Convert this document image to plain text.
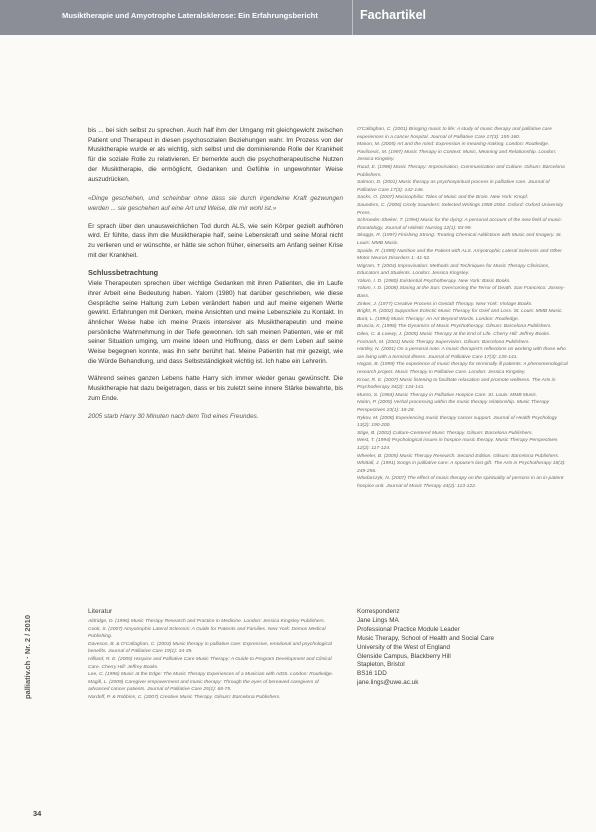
Musiktherapie und Amyotrophe Lateralsklerose: Ein Erfahrungsbericht	Fachartikel
palliativ.ch · Nr. 2 / 2010
34

bis ... bei sich selbst zu sprechen. Auch half ihm der Umgang mit gleichgewicht zwischen Patient und Therapeut in diesen psychosozialen Beziehungen wahr. Im Prozess von der Musiktherapie wurde er als wichtig, sich selbst und die dominierende Rolle der Krankheit für die soziale Rolle zu relativieren. Er bemerkte auch die psychotherapeutische Nutzen der Musiktherapie, die ermöglicht, Gedanken und Gefühle in ungewohnter Weise auszudrücken.

«Dinge geschehen, und scheinbar ohne dass sie durch irgendeine Kraft gezwungen werden ... sie geschehen auf eine Art und Weise, die mir wohl ist.»

Er sprach über den unausweichlichen Tod durch ALS, wie sein Körper gezielt aufhören wird. Er fühlte, dass ihm die Musiktherapie half, seine Lebenskraft und seine Moral nicht zu verlieren und er wünschte, er hätte sie schon früher, einerseits am Anfang seiner Krise mit der Krankheit.

Schlussbetrachtung

Viele Therapeuten sprechen über wichtige Gedanken mit ihren Patienten, die im Laufe ihrer Arbeit eine Bedeutung haben. Yalom (1980) hat darüber geschrieben, wie diese Gespräche seine Haltung zum Leben verändert haben und auf meine eigenen Werte gewirkt. Erfahrungen mit Denken, meine Ansichten und meine Lebensziele zu Kontakt. In ähnlicher Weise habe ich meine Praxis intensiver als Musiktherapeutin und meine persönliche Wahrnehmung in der Tiefe gewonnen. Ich sah meinen Patienten, wie er mit seiner Situation umging, um meine Ideen und Hoffnung, dass er dem Leben auf seine Weise begegnen konnte, was ihn sehr berührt hat. Meine Patientin hat mir gezeigt, wie die Würde Behandlung, und dass Selbstständigkeit wichtig ist. Ich habe ein Lehrerin.

Während seines ganzen Lebens hatte Harry sich immer wieder genau gewünscht. Die Musiktherapie hat dazu beigetragen, dass er bis zuletzt seine innere Stärke bewahrte, bis zum Ende.

2005 starb Harry 30 Minuten nach dem Tod eines Freundes.

O'Callaghan, C. (2001) Bringing music to life: A study of music therapy and palliative care experiences in a cancer hospital. Journal of Palliative Care 17(3): 155-160.

Mason, M. (2005) Art and the mind: Expression in meaning-making. London: Routledge.

Pavlicevic, M. (1997) Music Therapy in Context: Music, Meaning and Relationship. London: Jessica Kingsley.

Ruud, E. (1998) Music Therapy: Improvisation, Communication and Culture. Gilsum: Barcelona Publishers.

Salmon, D. (2001) Music therapy as psychospiritual process in palliative care. Journal of Palliative Care 17(3): 142-146.

Sacks, O. (2007) Musicophilia: Tales of Music and the Brain. New York: Knopf.

Saunders, C. (2006) Cicely Saunders: Selected Writings 1958-2004. Oxford: Oxford University Press.

Schroeder-Sheker, T. (1994) Music for the dying: A personal account of the new field of music-thanatology. Journal of Holistic Nursing 12(1): 83-99.

Skaggs, R. (1997) Finishing Strong: Treating Chemical Addictions with Music and Imagery. St. Louis: MMB Music.

Spaide, R. (1999) Nutrition and the Patient with ALS. Amyotrophic Lateral Sclerosis and Other Motor Neuron Disorders 1: 41-52.

Wigram, T. (2004) Improvisation: Methods and Techniques for Music Therapy Clinicians, Educators and Students. London: Jessica Kingsley.

Yalom, I. D. (1980) Existential Psychotherapy. New York: Basic Books.

Yalom, I. D. (2008) Staring at the Sun: Overcoming the Terror of Death. San Francisco: Jossey-Bass.

Zinker, J. (1977) Creative Process in Gestalt Therapy. New York: Vintage Books.

Bright, R. (2002) Supportive Eclectic Music Therapy for Grief and Loss. St. Louis: MMB Music.

Bunt, L. (1994) Music Therapy: An Art Beyond Words. London: Routledge.

Bruscia, K. (1998) The Dynamics of Music Psychotherapy. Gilsum: Barcelona Publishers.

Dileo, C. & Loewy, J. (2005) Music Therapy at the End of Life. Cherry Hill: Jeffrey Books.

Forinash, M. (2001) Music Therapy Supervision. Gilsum: Barcelona Publishers.

Hartley, N. (2001) On a personal note: A music therapist's reflections on working with those who are living with a terminal illness. Journal of Palliative Care 17(3): 135-141.

Hogan, B. (1999) The experience of music therapy for terminally ill patients: A phenomenological research project. Music Therapy in Palliative Care. London: Jessica Kingsley.

Krout, R. E. (2007) Music listening to facilitate relaxation and promote wellness. The Arts in Psychotherapy 34(2): 134-141.

Munro, S. (1984) Music Therapy in Palliative Hospice Care. St. Louis: MMB Music.

Nolan, P. (2005) Verbal processing within the music therapy relationship. Music Therapy Perspectives 23(1): 18-28.

Rykov, M. (2008) Experiencing music therapy cancer support. Journal of Health Psychology 13(2): 190-200.

Stige, B. (2002) Culture-Centered Music Therapy. Gilsum: Barcelona Publishers.

West, T. (1994) Psychological issues in hospice music therapy. Music Therapy Perspectives 12(2): 117-124.

Wheeler, B. (2005) Music Therapy Research. Second Edition. Gilsum: Barcelona Publishers.

Whittall, J. (1991) Songs in palliative care: A spouse's last gift. The Arts in Psychotherapy 18(3): 249-256.

Wlodarczyk, N. (2007) The effect of music therapy on the spirituality of persons in an in-patient hospice unit. Journal of Music Therapy 44(2): 113-122.

Literatur

Aldridge, D. (1996) Music Therapy Research and Practice in Medicine. London: Jessica Kingsley Publishers.

Cook, S. (2007) Amyotrophic Lateral Sclerosis: A Guide for Patients and Families. New York: Demos Medical Publishing.

Daveson, B. & O'Callaghan, C. (2003) Music therapy in palliative care: Expressive, emotional and psychological benefits. Journal of Palliative Care 19(1): 34-39.

Hilliard, R. E. (2005) Hospice and Palliative Care Music Therapy: A Guide to Program Development and Clinical Care. Cherry Hill: Jeffrey Books.

Lee, C. (1996) Music at the Edge: The Music Therapy Experiences of a Musician with AIDS. London: Routledge.

Magill, L. (2009) Caregiver empowerment and music therapy: Through the eyes of bereaved caregivers of advanced cancer patients. Journal of Palliative Care 25(1): 68-75.

Nordoff, P. & Robbins, C. (2007) Creative Music Therapy. Gilsum: Barcelona Publishers.

Korrespondenz

Jane Lings MA

Professional Practice Module Leader

Music Therapy, School of Health and Social Care

University of the West of England

Glenside Campus, Blackberry Hill

Stapleton, Bristol

BS16 1DD

jane.lings@uwe.ac.uk
